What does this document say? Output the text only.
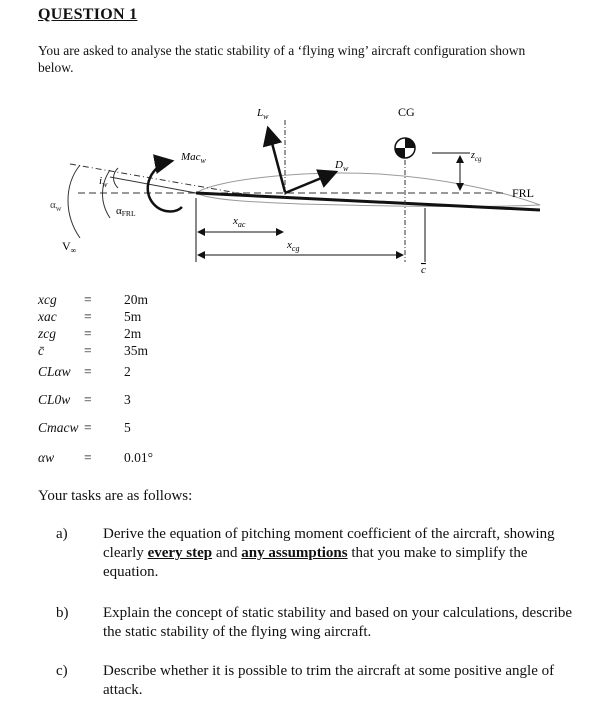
QUESTION 1
You are asked to analyse the static stability of a ‘flying wing’ aircraft configuration shown below.
$L_w$
$D_w$
Mac$_w$
CG
$z_{cg}$
FRL
$i_w$
αFRL
$\alpha_w$
$V_\infty$
$x_{ac}$
$x_{cg}$
c
xcg = 20m
xac = 5m
zcg = 2m
c̄	= 35m
CLαw = 2
CL0w = 3
Cmacw = 5
αw = 0.01°
Your tasks are as follows:
a) Derive the equation of pitching moment coefficient of the aircraft, showing clearly every step and any assumptions that you make to simplify the equation.
b) Explain the concept of static stability and based on your calculations, describe the static stability of the flying wing aircraft.
c) Describe whether it is possible to trim the aircraft at some positive angle of attack.
